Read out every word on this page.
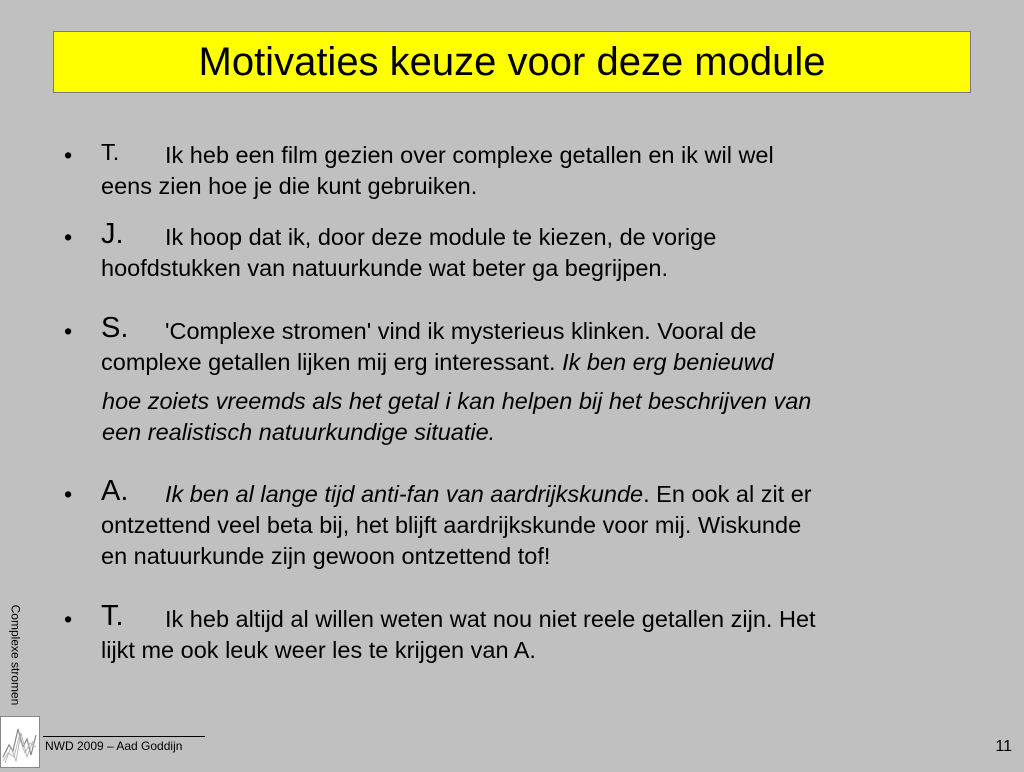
Motivaties keuze voor deze module
• T. Ik heb een film gezien over complexe getallen en ik wil wel
eens zien hoe je die kunt gebruiken.
• J. Ik hoop dat ik, door deze module te kiezen, de vorige
hoofdstukken van natuurkunde wat beter ga begrijpen.
• S. 'Complexe stromen' vind ik mysterieus klinken. Vooral de
complexe getallen lijken mij erg interessant. Ik ben erg benieuwd
hoe zoiets vreemds als het getal i kan helpen bij het beschrijven van
een realistisch natuurkundige situatie.
• A. Ik ben al lange tijd anti-fan van aardrijkskunde. En ook al zit er
ontzettend veel beta bij, het blijft aardrijkskunde voor mij. Wiskunde
en natuurkunde zijn gewoon ontzettend tof!
• T. Ik heb altijd al willen weten wat nou niet reele getallen zijn. Het
lijkt me ook leuk weer les te krijgen van A.
Complexe stromen
NWD 2009 – Aad Goddijn	11
